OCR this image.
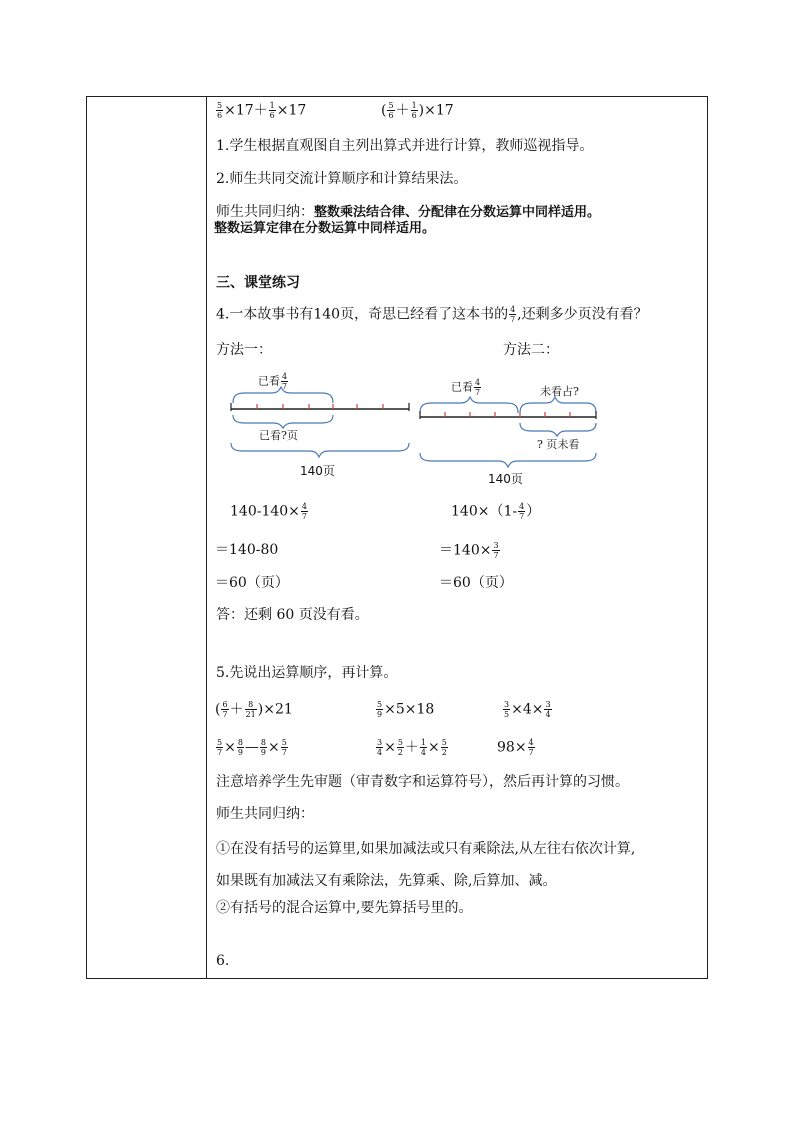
$\frac{5}{6} \times 17+ \frac{1}{6} \times 17$	( $\frac{5}{6} + \frac{1}{6} )\times 17$
1.学生根据直观图自主列出算式并进行计算，教师巡视指导。
2.师生共同交流计算顺序和计算结果法。
师生共同归纳：整数乘法结合律、分配律在分数运算中同样适用。
整数运算定律在分数运算中同样适用。
三、课堂练习
4.一本故事书有140页，奇思已经看了这本书的 $\frac{4}{7}$ ,还剩多少页没有看？
方法一：	方法二：
已看 $\frac{4}{7}$
已看?页
140页
已看 $\frac{4}{7}$	未看占?
? 页未看
140页
$140-140\times \frac{4}{7}$
＝140-80
＝60（页）
$140\times(1- \frac{4}{7}$ ）
$=140\times \frac{3}{7}$
＝60（页）
答：还剩 60 页没有看。
5.先说出运算顺序，再计算。
( $\frac{6}{7} + \frac{8}{21} )\times 21$	$\frac{5}{9} \times 5\times 18$	$\frac{3}{5} \times 4\times \frac{3}{4}$
$\frac{5}{7} \times \frac{8}{9}$ — $\frac{8}{9} \times \frac{5}{7}$	$\frac{3}{4} \times \frac{5}{2} + \frac{1}{4} \times \frac{5}{2}$	$98\times \frac{4}{7}$
注意培养学生先审题（审青数字和运算符号），然后再计算的习惯。
师生共同归纳：
①在没有括号的运算里,如果加减法或只有乘除法,从左往右依次计算,
如果既有加减法又有乘除法，先算乘、除,后算加、减。
②有括号的混合运算中,要先算括号里的。
6.
